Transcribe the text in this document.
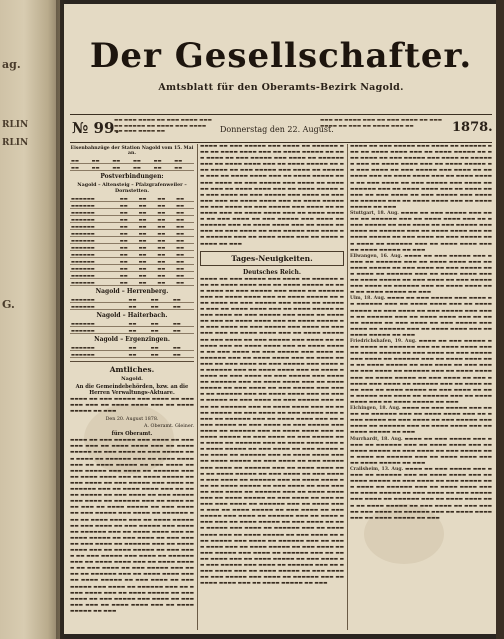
ag.
RLIN
RLIN
G.
Der Gesellschafter.
Amtsblatt für den Oberamts-Bezirk Nagold.
№ 99.
▬▬ ▬▬▬ ▬▬▬▬ ▬▬ ▬▬▬ ▬▬▬▬ ▬▬▬ ▬▬ ▬▬▬▬▬ ▬▬ ▬▬▬▬ ▬▬▬ ▬▬▬▬ ▬▬ ▬▬▬ ▬▬▬▬ ▬▬	Donnerstag den 22. August.
▬▬▬ ▬▬ ▬▬▬▬ ▬▬▬ ▬▬ ▬▬▬ ▬▬▬▬ ▬▬ ▬▬▬ ▬▬▬▬ ▬▬ ▬▬▬ ▬▬ ▬▬▬▬ ▬▬▬ ▬▬	1878.
Eisenbahnzüge der Station Nagold vom 15. Mai an.
▬▬	▬▬	▬▬	▬▬	▬▬	▬▬
▬▬	▬▬	▬▬	▬▬	▬▬	▬▬
Postverbindungen:
Nagold – Altensteig – Pfalzgrafenweiler – Dornstetten.
▬▬▬▬▬▬	▬▬	▬▬	▬▬	▬▬
▬▬▬▬▬▬	▬▬	▬▬	▬▬	▬▬
▬▬▬▬▬▬	▬▬	▬▬	▬▬	▬▬
▬▬▬▬▬▬	▬▬	▬▬	▬▬	▬▬
▬▬▬▬▬▬	▬▬	▬▬	▬▬	▬▬
▬▬▬▬▬▬	▬▬	▬▬	▬▬	▬▬
▬▬▬▬▬▬	▬▬	▬▬	▬▬	▬▬
▬▬▬▬▬▬	▬▬	▬▬	▬▬	▬▬
▬▬▬▬▬▬	▬▬	▬▬	▬▬	▬▬
▬▬▬▬▬▬	▬▬	▬▬	▬▬	▬▬
▬▬▬▬▬▬	▬▬	▬▬	▬▬	▬▬
▬▬▬▬▬▬	▬▬	▬▬	▬▬	▬▬
▬▬▬▬▬▬	▬▬	▬▬	▬▬	▬▬
Nagold – Herrenberg.
▬▬▬▬▬▬	▬▬	▬▬	▬▬
▬▬▬▬▬▬	▬▬	▬▬	▬▬
Nagold – Haiterbach.
▬▬▬▬▬▬	▬▬	▬▬	▬▬
▬▬▬▬▬▬	▬▬	▬▬	▬▬
Nagold – Ergenzingen.
▬▬▬▬▬▬	▬▬	▬▬	▬▬
▬▬▬▬▬▬	▬▬	▬▬	▬▬
Amtliches.
Nagold.
An die Gemeindebehörden, bzw. an die Herren Verwaltungs-Aktuare.

▬▬▬▬ ▬▬ ▬▬▬ ▬▬▬▬▬ ▬▬▬ ▬▬▬▬ ▬▬ ▬▬▬▬▬▬ ▬▬▬ ▬▬ ▬▬▬▬ ▬▬▬▬ ▬▬▬ ▬▬ ▬▬▬▬ ▬▬▬▬▬ ▬▬ ▬▬▬

Den 20. August 1878.
A. Oberamt. Gleiner.
fürs Oberamt.

▬▬▬▬ ▬▬ ▬▬▬ ▬▬▬▬▬ ▬▬▬ ▬▬▬▬ ▬▬ ▬▬▬▬▬▬ ▬▬▬ ▬▬ ▬▬▬▬ ▬▬▬▬ ▬▬▬ ▬▬ ▬▬▬▬ ▬▬▬▬▬ ▬▬ ▬▬▬ ▬▬▬▬ ▬▬ ▬▬▬ ▬▬▬▬▬ ▬▬▬ ▬▬▬▬ ▬▬ ▬▬▬▬▬▬ ▬▬▬ ▬▬ ▬▬▬▬ ▬▬▬▬ ▬▬▬ ▬▬ ▬▬▬▬ ▬▬▬▬▬ ▬▬ ▬▬▬ ▬▬▬▬ ▬▬ ▬▬▬ ▬▬▬▬▬ ▬▬▬ ▬▬▬▬ ▬▬ ▬▬▬▬▬▬ ▬▬▬ ▬▬ ▬▬▬▬ ▬▬▬▬ ▬▬▬ ▬▬ ▬▬▬▬ ▬▬▬▬▬ ▬▬ ▬▬▬ ▬▬▬▬ ▬▬ ▬▬▬ ▬▬▬▬▬ ▬▬▬ ▬▬▬▬ ▬▬ ▬▬▬▬▬▬ ▬▬▬ ▬▬ ▬▬▬▬ ▬▬▬▬ ▬▬▬ ▬▬ ▬▬▬▬ ▬▬▬▬▬ ▬▬ ▬▬▬ ▬▬▬▬ ▬▬ ▬▬▬ ▬▬▬▬▬ ▬▬▬ ▬▬▬▬ ▬▬ ▬▬▬▬▬▬ ▬▬▬ ▬▬ ▬▬▬▬ ▬▬▬▬ ▬▬▬ ▬▬ ▬▬▬▬ ▬▬▬▬▬ ▬▬ ▬▬▬ ▬▬▬▬ ▬▬ ▬▬▬ ▬▬▬▬▬ ▬▬▬ ▬▬▬▬ ▬▬ ▬▬▬▬▬▬ ▬▬▬ ▬▬ ▬▬▬▬ ▬▬▬▬ ▬▬▬ ▬▬ ▬▬▬▬ ▬▬▬▬▬ ▬▬ ▬▬▬ ▬▬▬▬ ▬▬ ▬▬▬ ▬▬▬▬▬ ▬▬▬ ▬▬▬▬ ▬▬ ▬▬▬▬▬▬ ▬▬▬ ▬▬ ▬▬▬▬ ▬▬▬▬ ▬▬▬ ▬▬ ▬▬▬▬ ▬▬▬▬▬ ▬▬ ▬▬▬ ▬▬▬▬ ▬▬ ▬▬▬ ▬▬▬▬▬ ▬▬▬ ▬▬▬▬ ▬▬ ▬▬▬▬▬▬ ▬▬▬ ▬▬ ▬▬▬▬ ▬▬▬▬ ▬▬▬ ▬▬ ▬▬▬▬ ▬▬▬▬▬ ▬▬ ▬▬▬ ▬▬▬▬ ▬▬ ▬▬▬ ▬▬▬▬▬ ▬▬▬ ▬▬▬▬ ▬▬ ▬▬▬▬▬▬ ▬▬▬ ▬▬ ▬▬▬▬ ▬▬▬▬ ▬▬▬ ▬▬ ▬▬▬▬ ▬▬▬▬▬ ▬▬ ▬▬▬ ▬▬▬▬ ▬▬ ▬▬▬ ▬▬▬▬▬ ▬▬▬ ▬▬▬▬ ▬▬ ▬▬▬▬▬▬ ▬▬▬ ▬▬ ▬▬▬▬ ▬▬▬▬ ▬▬▬ ▬▬ ▬▬▬▬ ▬▬▬▬▬ ▬▬ ▬▬▬ ▬▬▬▬ ▬▬ ▬▬▬ ▬▬▬▬▬ ▬▬▬ ▬▬▬▬ ▬▬ ▬▬▬▬▬▬ ▬▬▬ ▬▬ ▬▬▬▬ ▬▬▬▬ ▬▬▬ ▬▬ ▬▬▬▬ ▬▬▬▬▬ ▬▬ ▬▬▬ ▬▬▬▬ ▬▬ ▬▬▬ ▬▬▬▬▬ ▬▬▬ ▬▬▬▬ ▬▬ ▬▬▬▬▬▬ ▬▬▬ ▬▬ ▬▬▬▬ ▬▬▬▬ ▬▬▬ ▬▬ ▬▬▬▬ ▬▬▬▬▬ ▬▬ ▬▬▬

▬▬▬▬ ▬▬ ▬▬▬ ▬▬▬▬▬ ▬▬▬ ▬▬▬▬ ▬▬ ▬▬▬▬▬▬ ▬▬▬ ▬▬ ▬▬▬▬ ▬▬▬▬ ▬▬▬ ▬▬ ▬▬▬▬ ▬▬▬▬▬ ▬▬ ▬▬▬ ▬▬▬▬ ▬▬ ▬▬▬ ▬▬▬▬▬ ▬▬▬ ▬▬▬▬ ▬▬ ▬▬▬▬▬▬ ▬▬▬ ▬▬ ▬▬▬▬ ▬▬▬▬ ▬▬▬ ▬▬ ▬▬▬▬ ▬▬▬▬▬ ▬▬ ▬▬▬ ▬▬▬▬ ▬▬ ▬▬▬ ▬▬▬▬▬ ▬▬▬ ▬▬▬▬ ▬▬ ▬▬▬▬▬▬ ▬▬▬ ▬▬ ▬▬▬▬ ▬▬▬▬ ▬▬▬ ▬▬ ▬▬▬▬ ▬▬▬▬▬ ▬▬ ▬▬▬ ▬▬▬▬ ▬▬ ▬▬▬ ▬▬▬▬▬ ▬▬▬ ▬▬▬▬ ▬▬ ▬▬▬▬▬▬ ▬▬▬ ▬▬ ▬▬▬▬ ▬▬▬▬ ▬▬▬ ▬▬ ▬▬▬▬ ▬▬▬▬▬ ▬▬ ▬▬▬ ▬▬▬▬ ▬▬ ▬▬▬ ▬▬▬▬▬ ▬▬▬ ▬▬▬▬ ▬▬ ▬▬▬▬▬▬ ▬▬▬ ▬▬ ▬▬▬▬ ▬▬▬▬ ▬▬▬ ▬▬ ▬▬▬▬ ▬▬▬▬▬ ▬▬ ▬▬▬ ▬▬▬▬ ▬▬ ▬▬▬ ▬▬▬▬▬ ▬▬▬ ▬▬▬▬ ▬▬ ▬▬▬▬▬▬ ▬▬▬ ▬▬ ▬▬▬▬ ▬▬▬▬ ▬▬▬ ▬▬ ▬▬▬▬ ▬▬▬▬▬ ▬▬ ▬▬▬ ▬▬▬▬ ▬▬ ▬▬▬ ▬▬▬▬▬ ▬▬▬ ▬▬▬▬ ▬▬ ▬▬▬▬▬▬ ▬▬▬ ▬▬ ▬▬▬▬ ▬▬▬▬ ▬▬▬ ▬▬ ▬▬▬▬ ▬▬▬▬▬ ▬▬ ▬▬▬ ▬▬▬▬ ▬▬ ▬▬▬ ▬▬▬▬▬ ▬▬▬ ▬▬▬▬ ▬▬ ▬▬▬▬▬▬ ▬▬▬ ▬▬ ▬▬▬▬ ▬▬▬▬ ▬▬▬ ▬▬ ▬▬▬▬ ▬▬▬▬▬ ▬▬ ▬▬▬

Tages-Neuigkeiten.
Deutsches Reich.

▬▬▬▬ ▬▬ ▬▬▬ ▬▬▬▬▬ ▬▬▬ ▬▬▬▬ ▬▬ ▬▬▬▬▬▬ ▬▬▬ ▬▬ ▬▬▬▬ ▬▬▬▬ ▬▬▬ ▬▬ ▬▬▬▬ ▬▬▬▬▬ ▬▬ ▬▬▬ ▬▬▬▬ ▬▬ ▬▬▬ ▬▬▬▬▬ ▬▬▬ ▬▬▬▬ ▬▬ ▬▬▬▬▬▬ ▬▬▬ ▬▬ ▬▬▬▬ ▬▬▬▬ ▬▬▬ ▬▬ ▬▬▬▬ ▬▬▬▬▬ ▬▬ ▬▬▬ ▬▬▬▬ ▬▬ ▬▬▬ ▬▬▬▬▬ ▬▬▬ ▬▬▬▬ ▬▬ ▬▬▬▬▬▬ ▬▬▬ ▬▬ ▬▬▬▬ ▬▬▬▬ ▬▬▬ ▬▬ ▬▬▬▬ ▬▬▬▬▬ ▬▬ ▬▬▬ ▬▬▬▬ ▬▬ ▬▬▬ ▬▬▬▬▬ ▬▬▬ ▬▬▬▬ ▬▬ ▬▬▬▬▬▬ ▬▬▬ ▬▬ ▬▬▬▬ ▬▬▬▬ ▬▬▬ ▬▬ ▬▬▬▬ ▬▬▬▬▬ ▬▬ ▬▬▬ ▬▬▬▬ ▬▬ ▬▬▬ ▬▬▬▬▬ ▬▬▬ ▬▬▬▬ ▬▬ ▬▬▬▬▬▬ ▬▬▬ ▬▬ ▬▬▬▬ ▬▬▬▬ ▬▬▬ ▬▬ ▬▬▬▬ ▬▬▬▬▬ ▬▬ ▬▬▬ ▬▬▬▬ ▬▬ ▬▬▬ ▬▬▬▬▬ ▬▬▬ ▬▬▬▬ ▬▬ ▬▬▬▬▬▬ ▬▬▬ ▬▬ ▬▬▬▬ ▬▬▬▬ ▬▬▬ ▬▬ ▬▬▬▬ ▬▬▬▬▬ ▬▬ ▬▬▬ ▬▬▬▬ ▬▬ ▬▬▬ ▬▬▬▬▬ ▬▬▬ ▬▬▬▬ ▬▬ ▬▬▬▬▬▬ ▬▬▬ ▬▬ ▬▬▬▬ ▬▬▬▬ ▬▬▬ ▬▬ ▬▬▬▬ ▬▬▬▬▬ ▬▬ ▬▬▬ ▬▬▬▬ ▬▬ ▬▬▬ ▬▬▬▬▬ ▬▬▬ ▬▬▬▬ ▬▬ ▬▬▬▬▬▬ ▬▬▬ ▬▬ ▬▬▬▬ ▬▬▬▬ ▬▬▬ ▬▬ ▬▬▬▬ ▬▬▬▬▬ ▬▬ ▬▬▬ ▬▬▬▬ ▬▬ ▬▬▬ ▬▬▬▬▬ ▬▬▬ ▬▬▬▬ ▬▬ ▬▬▬▬▬▬ ▬▬▬ ▬▬ ▬▬▬▬ ▬▬▬▬ ▬▬▬ ▬▬ ▬▬▬▬ ▬▬▬▬▬ ▬▬ ▬▬▬ ▬▬▬▬ ▬▬ ▬▬▬ ▬▬▬▬▬ ▬▬▬ ▬▬▬▬ ▬▬ ▬▬▬▬▬▬ ▬▬▬ ▬▬ ▬▬▬▬ ▬▬▬▬ ▬▬▬ ▬▬ ▬▬▬▬ ▬▬▬▬▬ ▬▬ ▬▬▬ ▬▬▬▬ ▬▬ ▬▬▬ ▬▬▬▬▬ ▬▬▬ ▬▬▬▬ ▬▬ ▬▬▬▬▬▬ ▬▬▬ ▬▬ ▬▬▬▬ ▬▬▬▬ ▬▬▬ ▬▬ ▬▬▬▬ ▬▬▬▬▬ ▬▬ ▬▬▬ ▬▬▬▬ ▬▬ ▬▬▬ ▬▬▬▬▬ ▬▬▬ ▬▬▬▬ ▬▬ ▬▬▬▬▬▬ ▬▬▬ ▬▬ ▬▬▬▬ ▬▬▬▬ ▬▬▬ ▬▬ ▬▬▬▬ ▬▬▬▬▬ ▬▬ ▬▬▬ ▬▬▬▬ ▬▬ ▬▬▬ ▬▬▬▬▬ ▬▬▬ ▬▬▬▬ ▬▬ ▬▬▬▬▬▬ ▬▬▬ ▬▬ ▬▬▬▬ ▬▬▬▬ ▬▬▬ ▬▬ ▬▬▬▬ ▬▬▬▬▬ ▬▬ ▬▬▬ ▬▬▬▬ ▬▬ ▬▬▬ ▬▬▬▬▬ ▬▬▬ ▬▬▬▬ ▬▬ ▬▬▬▬▬▬ ▬▬▬ ▬▬ ▬▬▬▬ ▬▬▬▬ ▬▬▬ ▬▬ ▬▬▬▬ ▬▬▬▬▬ ▬▬ ▬▬▬ ▬▬▬▬ ▬▬ ▬▬▬ ▬▬▬▬▬ ▬▬▬ ▬▬▬▬ ▬▬ ▬▬▬▬▬▬ ▬▬▬ ▬▬ ▬▬▬▬ ▬▬▬▬ ▬▬▬ ▬▬ ▬▬▬▬ ▬▬▬▬▬ ▬▬ ▬▬▬ ▬▬▬▬ ▬▬ ▬▬▬ ▬▬▬▬▬ ▬▬▬ ▬▬▬▬ ▬▬ ▬▬▬▬▬▬ ▬▬▬ ▬▬ ▬▬▬▬ ▬▬▬▬ ▬▬▬ ▬▬ ▬▬▬▬ ▬▬▬▬▬ ▬▬ ▬▬▬ ▬▬▬▬ ▬▬ ▬▬▬ ▬▬▬▬▬ ▬▬▬ ▬▬▬▬ ▬▬ ▬▬▬▬▬▬ ▬▬▬ ▬▬ ▬▬▬▬ ▬▬▬▬ ▬▬▬ ▬▬ ▬▬▬▬ ▬▬▬▬▬ ▬▬ ▬▬▬ ▬▬▬▬ ▬▬ ▬▬▬ ▬▬▬▬▬ ▬▬▬ ▬▬▬▬ ▬▬ ▬▬▬▬▬▬ ▬▬▬ ▬▬ ▬▬▬▬ ▬▬▬▬ ▬▬▬ ▬▬ ▬▬▬▬ ▬▬▬▬▬ ▬▬ ▬▬▬ ▬▬▬▬ ▬▬ ▬▬▬ ▬▬▬▬▬ ▬▬▬ ▬▬▬▬ ▬▬ ▬▬▬▬▬▬ ▬▬▬ ▬▬ ▬▬▬▬ ▬▬▬▬ ▬▬▬ ▬▬ ▬▬▬▬ ▬▬▬▬▬ ▬▬ ▬▬▬ ▬▬▬▬ ▬▬ ▬▬▬ ▬▬▬▬▬ ▬▬▬ ▬▬▬▬ ▬▬ ▬▬▬▬▬▬ ▬▬▬ ▬▬ ▬▬▬▬ ▬▬▬▬ ▬▬▬ ▬▬ ▬▬▬▬ ▬▬▬▬▬ ▬▬ ▬▬▬ ▬▬▬▬ ▬▬ ▬▬▬ ▬▬▬▬▬ ▬▬▬ ▬▬▬▬ ▬▬ ▬▬▬▬▬▬ ▬▬▬ ▬▬ ▬▬▬▬ ▬▬▬▬ ▬▬▬ ▬▬ ▬▬▬▬ ▬▬▬▬▬ ▬▬ ▬▬▬ ▬▬▬▬ ▬▬ ▬▬▬ ▬▬▬▬▬ ▬▬▬ ▬▬▬▬ ▬▬ ▬▬▬▬▬▬ ▬▬▬ ▬▬ ▬▬▬▬ ▬▬▬▬ ▬▬▬ ▬▬ ▬▬▬▬ ▬▬▬▬▬ ▬▬ ▬▬▬ ▬▬▬▬ ▬▬ ▬▬▬ ▬▬▬▬▬ ▬▬▬ ▬▬▬▬ ▬▬ ▬▬▬▬▬▬ ▬▬▬ ▬▬ ▬▬▬▬ ▬▬▬▬ ▬▬▬ ▬▬ ▬▬▬▬ ▬▬▬▬▬ ▬▬ ▬▬▬ ▬▬▬▬ ▬▬ ▬▬▬ ▬▬▬▬▬ ▬▬▬ ▬▬▬▬ ▬▬ ▬▬▬▬▬▬ ▬▬▬ ▬▬ ▬▬▬▬ ▬▬▬▬ ▬▬▬ ▬▬ ▬▬▬▬ ▬▬▬▬▬ ▬▬ ▬▬▬ ▬▬▬▬ ▬▬ ▬▬▬ ▬▬▬▬▬ ▬▬▬ ▬▬▬▬ ▬▬ ▬▬▬▬▬▬ ▬▬▬ ▬▬ ▬▬▬▬ ▬▬▬▬ ▬▬▬ ▬▬ ▬▬▬▬ ▬▬▬▬▬ ▬▬ ▬▬▬

▬▬▬▬ ▬▬ ▬▬▬ ▬▬▬▬▬ ▬▬▬ ▬▬▬▬ ▬▬ ▬▬▬▬▬▬ ▬▬▬ ▬▬ ▬▬▬▬ ▬▬▬▬ ▬▬▬ ▬▬ ▬▬▬▬ ▬▬▬▬▬ ▬▬ ▬▬▬ ▬▬▬▬ ▬▬ ▬▬▬ ▬▬▬▬▬ ▬▬▬ ▬▬▬▬ ▬▬ ▬▬▬▬▬▬ ▬▬▬ ▬▬ ▬▬▬▬ ▬▬▬▬ ▬▬▬ ▬▬ ▬▬▬▬ ▬▬▬▬▬ ▬▬ ▬▬▬ ▬▬▬▬ ▬▬ ▬▬▬ ▬▬▬▬▬ ▬▬▬ ▬▬▬▬ ▬▬ ▬▬▬▬▬▬ ▬▬▬ ▬▬ ▬▬▬▬ ▬▬▬▬ ▬▬▬ ▬▬ ▬▬▬▬ ▬▬▬▬▬ ▬▬ ▬▬▬ ▬▬▬▬ ▬▬ ▬▬▬ ▬▬▬▬▬ ▬▬▬ ▬▬▬▬ ▬▬ ▬▬▬▬▬▬ ▬▬▬ ▬▬ ▬▬▬▬ ▬▬▬▬ ▬▬▬ ▬▬ ▬▬▬▬ ▬▬▬▬▬ ▬▬ ▬▬▬ ▬▬▬▬ ▬▬ ▬▬▬ ▬▬▬▬▬ ▬▬▬ ▬▬▬▬ ▬▬ ▬▬▬▬▬▬ ▬▬▬ ▬▬ ▬▬▬▬ ▬▬▬▬ ▬▬▬ ▬▬ ▬▬▬▬ ▬▬▬▬▬ ▬▬ ▬▬▬

Stuttgart, 18. Aug. ▬▬▬▬ ▬▬ ▬▬▬ ▬▬▬▬▬ ▬▬▬ ▬▬▬▬ ▬▬ ▬▬▬▬▬▬ ▬▬▬ ▬▬ ▬▬▬▬ ▬▬▬▬ ▬▬▬ ▬▬ ▬▬▬▬ ▬▬▬▬▬ ▬▬ ▬▬▬ ▬▬▬▬ ▬▬ ▬▬▬ ▬▬▬▬▬ ▬▬▬ ▬▬▬▬ ▬▬ ▬▬▬▬▬▬ ▬▬▬ ▬▬ ▬▬▬▬ ▬▬▬▬ ▬▬▬ ▬▬ ▬▬▬▬ ▬▬▬▬▬ ▬▬ ▬▬▬ ▬▬▬▬ ▬▬ ▬▬▬ ▬▬▬▬▬ ▬▬▬ ▬▬▬▬ ▬▬ ▬▬▬▬▬▬ ▬▬▬ ▬▬ ▬▬▬▬ ▬▬▬▬ ▬▬▬ ▬▬ ▬▬▬▬ ▬▬▬▬▬ ▬▬ ▬▬▬

Ellwangen, 16. Aug. ▬▬▬▬ ▬▬ ▬▬▬ ▬▬▬▬▬ ▬▬▬ ▬▬▬▬ ▬▬ ▬▬▬▬▬▬ ▬▬▬ ▬▬ ▬▬▬▬ ▬▬▬▬ ▬▬▬ ▬▬ ▬▬▬▬ ▬▬▬▬▬ ▬▬ ▬▬▬ ▬▬▬▬ ▬▬ ▬▬▬ ▬▬▬▬▬ ▬▬▬ ▬▬▬▬ ▬▬ ▬▬▬▬▬▬ ▬▬▬ ▬▬ ▬▬▬▬ ▬▬▬▬ ▬▬▬ ▬▬ ▬▬▬▬ ▬▬▬▬▬ ▬▬ ▬▬▬ ▬▬▬▬ ▬▬ ▬▬▬ ▬▬▬▬▬ ▬▬▬ ▬▬▬▬ ▬▬ ▬▬▬▬▬▬ ▬▬▬ ▬▬ ▬▬▬▬ ▬▬▬▬ ▬▬▬ ▬▬ ▬▬▬▬ ▬▬▬▬▬ ▬▬ ▬▬▬

Ulm, 18. Aug. ▬▬▬▬ ▬▬ ▬▬▬ ▬▬▬▬▬ ▬▬▬ ▬▬▬▬ ▬▬ ▬▬▬▬▬▬ ▬▬▬ ▬▬ ▬▬▬▬ ▬▬▬▬ ▬▬▬ ▬▬ ▬▬▬▬ ▬▬▬▬▬ ▬▬ ▬▬▬ ▬▬▬▬ ▬▬ ▬▬▬ ▬▬▬▬▬ ▬▬▬ ▬▬▬▬ ▬▬ ▬▬▬▬▬▬ ▬▬▬ ▬▬ ▬▬▬▬ ▬▬▬▬ ▬▬▬ ▬▬ ▬▬▬▬ ▬▬▬▬▬ ▬▬ ▬▬▬ ▬▬▬▬ ▬▬ ▬▬▬ ▬▬▬▬▬ ▬▬▬ ▬▬▬▬ ▬▬ ▬▬▬▬▬▬ ▬▬▬ ▬▬ ▬▬▬▬ ▬▬▬▬ ▬▬▬ ▬▬ ▬▬▬▬ ▬▬▬▬▬ ▬▬ ▬▬▬

Friedrichshafen, 19. Aug. ▬▬▬▬ ▬▬ ▬▬▬ ▬▬▬▬▬ ▬▬▬ ▬▬▬▬ ▬▬ ▬▬▬▬▬▬ ▬▬▬ ▬▬ ▬▬▬▬ ▬▬▬▬ ▬▬▬ ▬▬ ▬▬▬▬ ▬▬▬▬▬ ▬▬ ▬▬▬ ▬▬▬▬ ▬▬ ▬▬▬ ▬▬▬▬▬ ▬▬▬ ▬▬▬▬ ▬▬ ▬▬▬▬▬▬ ▬▬▬ ▬▬ ▬▬▬▬ ▬▬▬▬ ▬▬▬ ▬▬ ▬▬▬▬ ▬▬▬▬▬ ▬▬ ▬▬▬ ▬▬▬▬ ▬▬ ▬▬▬ ▬▬▬▬▬ ▬▬▬ ▬▬▬▬ ▬▬ ▬▬▬▬▬▬ ▬▬▬ ▬▬ ▬▬▬▬ ▬▬▬▬ ▬▬▬ ▬▬ ▬▬▬▬ ▬▬▬▬▬ ▬▬ ▬▬▬ ▬▬▬▬ ▬▬ ▬▬▬ ▬▬▬▬▬ ▬▬▬ ▬▬▬▬ ▬▬ ▬▬▬▬▬▬ ▬▬▬ ▬▬ ▬▬▬▬ ▬▬▬▬ ▬▬▬ ▬▬ ▬▬▬▬ ▬▬▬▬▬ ▬▬ ▬▬▬ ▬▬▬▬ ▬▬ ▬▬▬ ▬▬▬▬▬ ▬▬▬ ▬▬▬▬ ▬▬ ▬▬▬▬▬▬ ▬▬▬ ▬▬ ▬▬▬▬ ▬▬▬▬ ▬▬▬ ▬▬ ▬▬▬▬ ▬▬▬▬▬ ▬▬ ▬▬▬

Elchingen, 18. Aug. ▬▬▬▬ ▬▬ ▬▬▬ ▬▬▬▬▬ ▬▬▬ ▬▬▬▬ ▬▬ ▬▬▬▬▬▬ ▬▬▬ ▬▬ ▬▬▬▬ ▬▬▬▬ ▬▬▬ ▬▬ ▬▬▬▬ ▬▬▬▬▬ ▬▬ ▬▬▬ ▬▬▬▬ ▬▬ ▬▬▬ ▬▬▬▬▬ ▬▬▬ ▬▬▬▬ ▬▬ ▬▬▬▬▬▬ ▬▬▬ ▬▬ ▬▬▬▬ ▬▬▬▬ ▬▬▬ ▬▬ ▬▬▬▬ ▬▬▬▬▬ ▬▬ ▬▬▬

Murrhardt, 18. Aug. ▬▬▬▬ ▬▬ ▬▬▬ ▬▬▬▬▬ ▬▬▬ ▬▬▬▬ ▬▬ ▬▬▬▬▬▬ ▬▬▬ ▬▬ ▬▬▬▬ ▬▬▬▬ ▬▬▬ ▬▬ ▬▬▬▬ ▬▬▬▬▬ ▬▬ ▬▬▬ ▬▬▬▬ ▬▬ ▬▬▬ ▬▬▬▬▬ ▬▬▬ ▬▬▬▬ ▬▬ ▬▬▬▬▬▬ ▬▬▬ ▬▬ ▬▬▬▬ ▬▬▬▬ ▬▬▬ ▬▬ ▬▬▬▬ ▬▬▬▬▬ ▬▬ ▬▬▬

Crailsheim, 13. Aug. ▬▬▬▬ ▬▬ ▬▬▬ ▬▬▬▬▬ ▬▬▬ ▬▬▬▬ ▬▬ ▬▬▬▬▬▬ ▬▬▬ ▬▬ ▬▬▬▬ ▬▬▬▬ ▬▬▬ ▬▬ ▬▬▬▬ ▬▬▬▬▬ ▬▬ ▬▬▬ ▬▬▬▬ ▬▬ ▬▬▬ ▬▬▬▬▬ ▬▬▬ ▬▬▬▬ ▬▬ ▬▬▬▬▬▬ ▬▬▬ ▬▬ ▬▬▬▬ ▬▬▬▬ ▬▬▬ ▬▬ ▬▬▬▬ ▬▬▬▬▬ ▬▬ ▬▬▬ ▬▬▬▬ ▬▬ ▬▬▬ ▬▬▬▬▬ ▬▬▬ ▬▬▬▬ ▬▬ ▬▬▬▬▬▬ ▬▬▬ ▬▬ ▬▬▬▬ ▬▬▬▬ ▬▬▬ ▬▬ ▬▬▬▬ ▬▬▬▬▬ ▬▬ ▬▬▬ ▬▬▬▬ ▬▬ ▬▬▬ ▬▬▬▬▬ ▬▬▬ ▬▬▬▬ ▬▬ ▬▬▬▬▬▬ ▬▬▬ ▬▬ ▬▬▬▬ ▬▬▬▬ ▬▬▬ ▬▬ ▬▬▬▬ ▬▬▬▬▬ ▬▬ ▬▬▬
